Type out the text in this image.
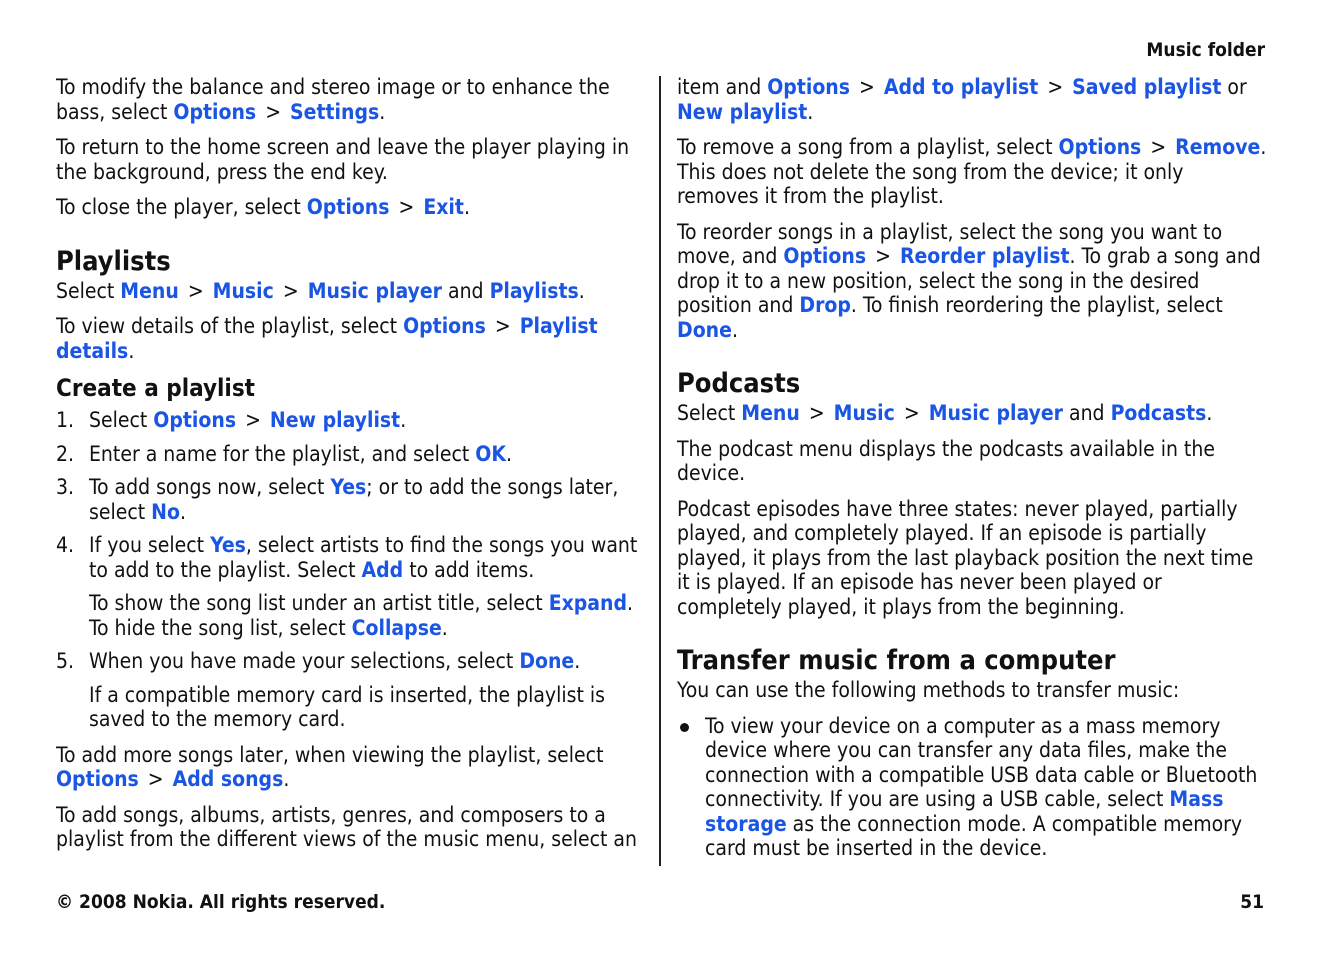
Music folder

To modify the balance and stereo image or to enhance the bass, select Options > Settings.

To return to the home screen and leave the player playing in the background, press the end key.

To close the player, select Options > Exit.

Playlists

Select Menu > Music > Music player and Playlists.

To view details of the playlist, select Options > Playlist details.

Create a playlist
1. Select Options > New playlist.
2. Enter a name for the playlist, and select OK.
3. To add songs now, select Yes; or to add the songs later, select No.
4. If you select Yes, select artists to find the songs you want to add to the playlist. Select Add to add items.

To show the song list under an artist title, select Expand. To hide the song list, select Collapse.

5. When you have made your selections, select Done.

If a compatible memory card is inserted, the playlist is saved to the memory card.

To add more songs later, when viewing the playlist, select Options > Add songs.

To add songs, albums, artists, genres, and composers to a playlist from the different views of the music menu, select an

item and Options > Add to playlist > Saved playlist or New playlist.

To remove a song from a playlist, select Options > Remove. This does not delete the song from the device; it only removes it from the playlist.

To reorder songs in a playlist, select the song you want to move, and Options > Reorder playlist. To grab a song and drop it to a new position, select the song in the desired position and Drop. To finish reordering the playlist, select Done.

Podcasts

Select Menu > Music > Music player and Podcasts.

The podcast menu displays the podcasts available in the device.

Podcast episodes have three states: never played, partially played, and completely played. If an episode is partially played, it plays from the last playback position the next time it is played. If an episode has never been played or completely played, it plays from the beginning.

Transfer music from a computer

You can use the following methods to transfer music:

To view your device on a computer as a mass memory device where you can transfer any data files, make the connection with a compatible USB data cable or Bluetooth connectivity. If you are using a USB cable, select Mass storage as the connection mode. A compatible memory card must be inserted in the device.
© 2008 Nokia. All rights reserved.	51
